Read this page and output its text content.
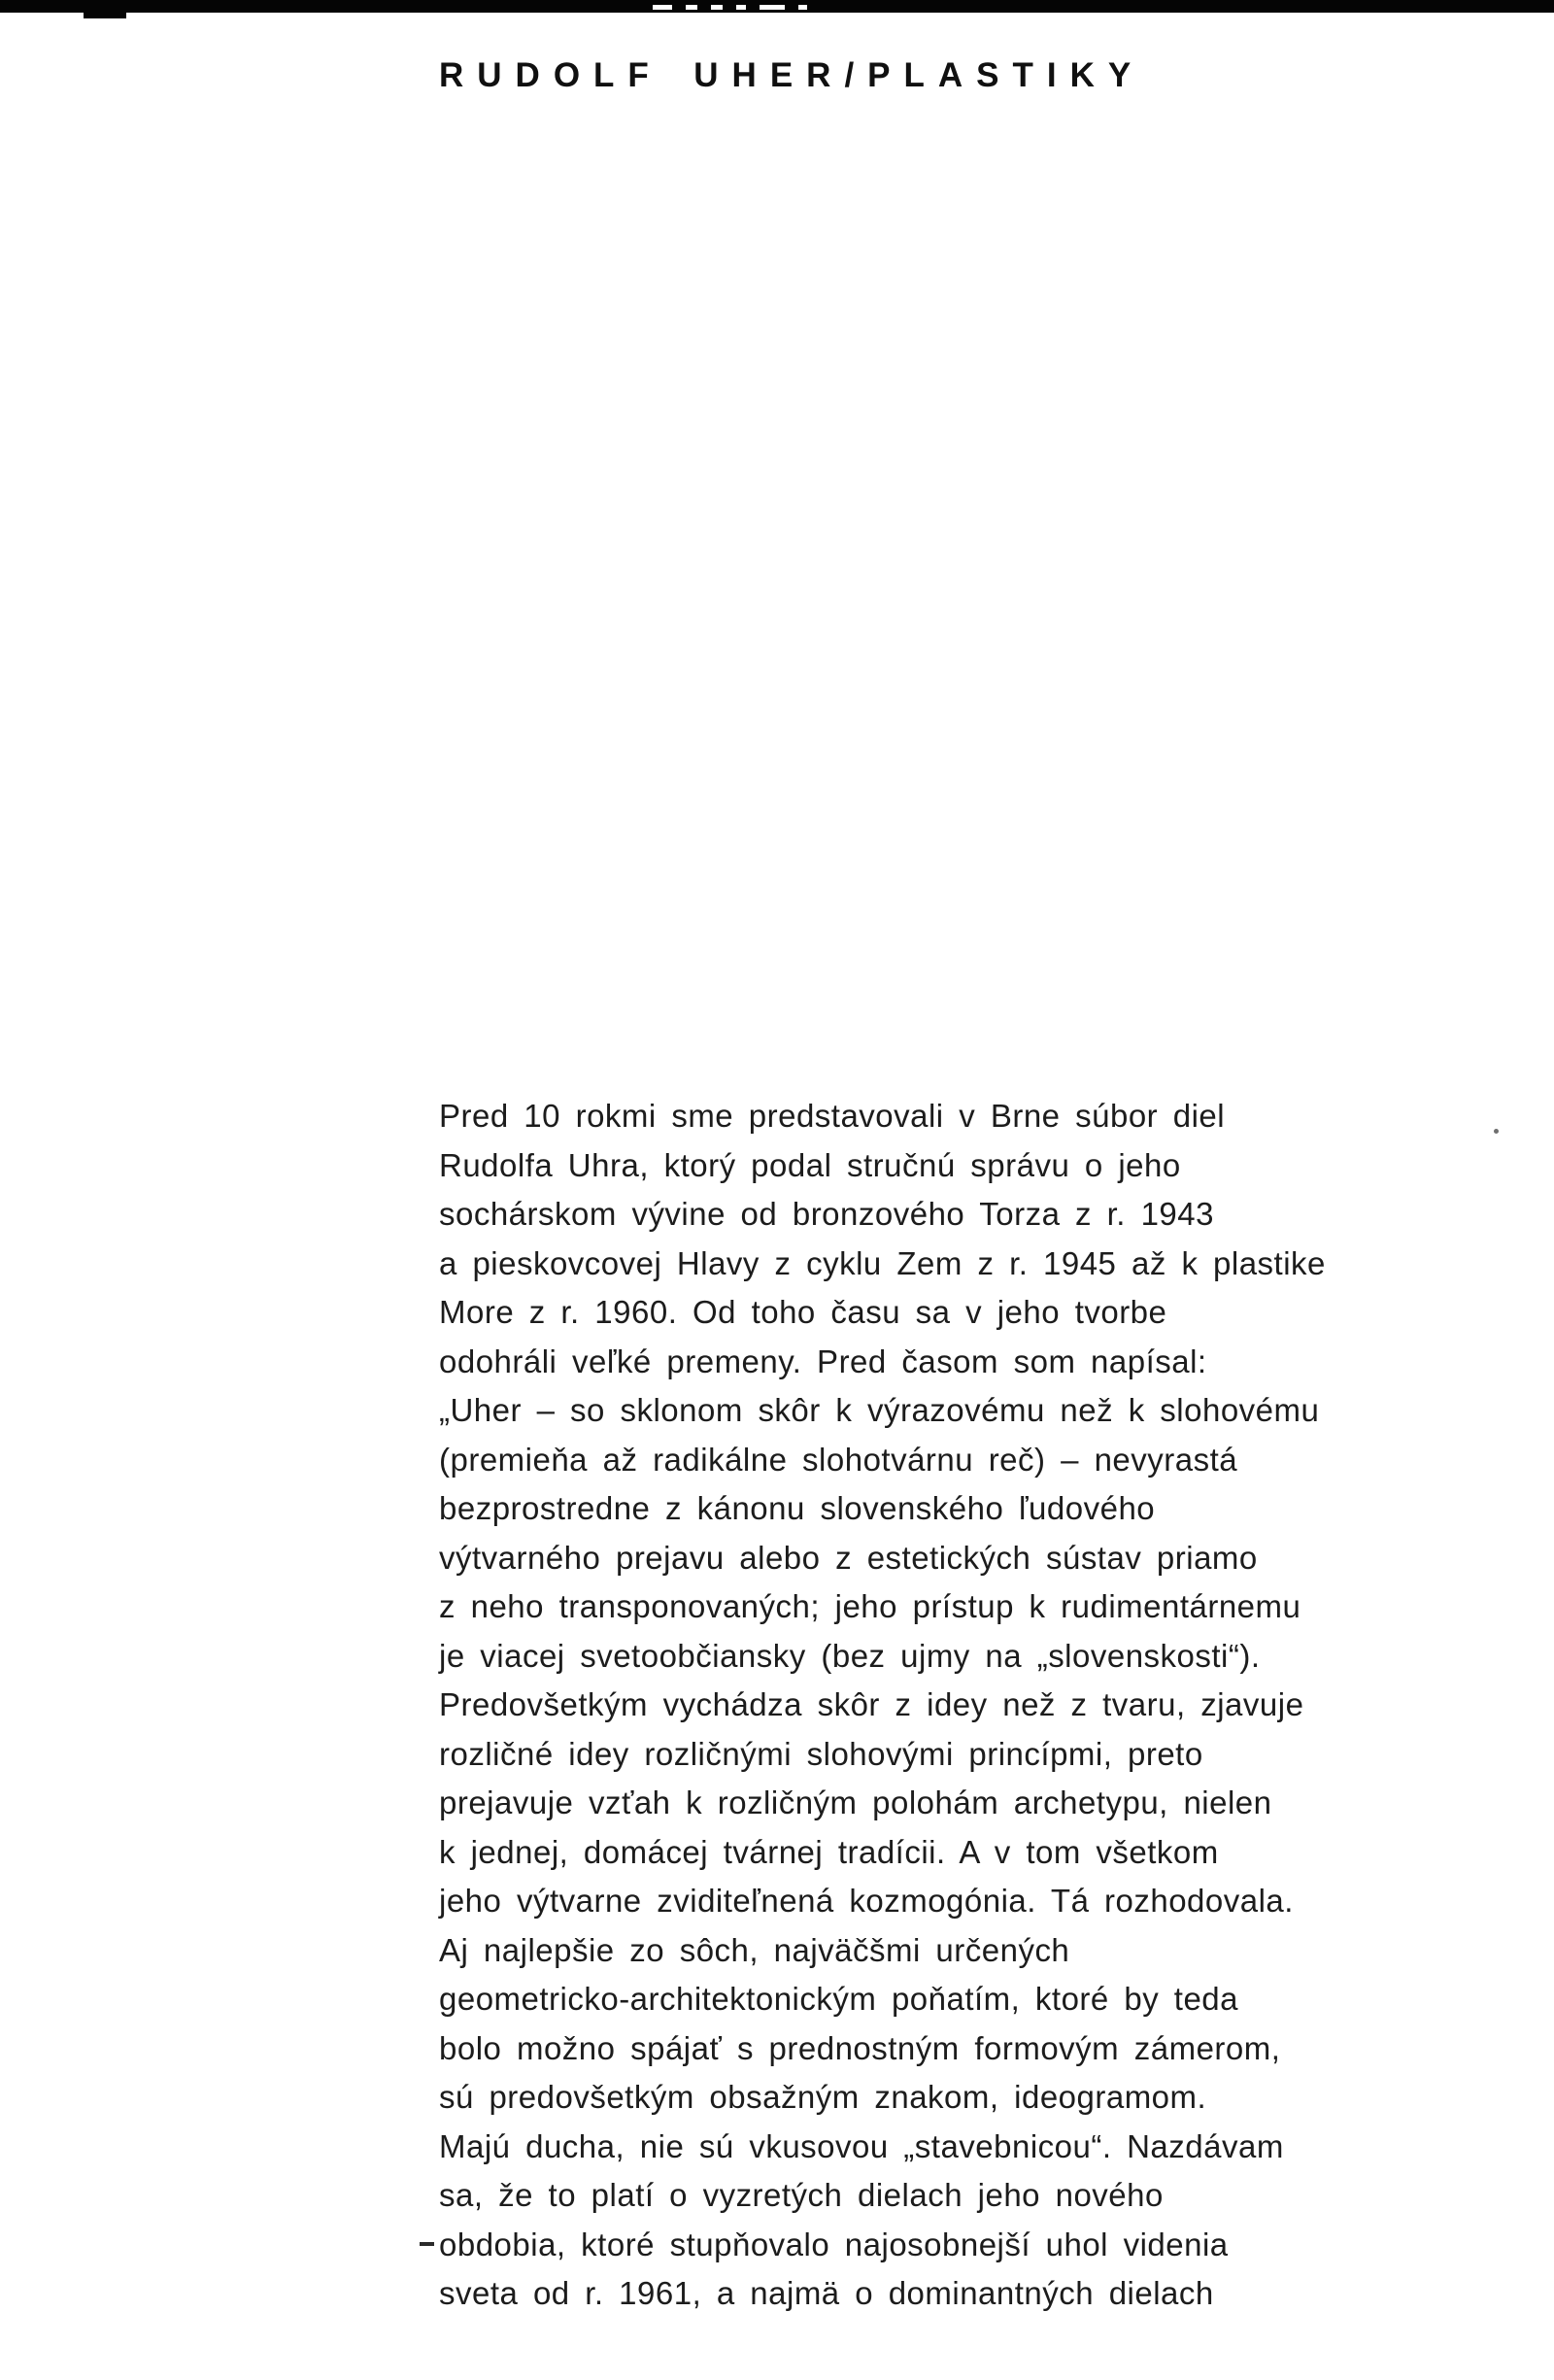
RUDOLF UHER/PLASTIKY
Pred 10 rokmi sme predstavovali v Brne súbor diel
Rudolfa Uhra, ktorý podal stručnú správu o jeho
sochárskom vývine od bronzového Torza z r. 1943
a pieskovcovej Hlavy z cyklu Zem z r. 1945 až k plastike
More z r. 1960. Od toho času sa v jeho tvorbe
odohráli veľké premeny. Pred časom som napísal:
„Uher – so sklonom skôr k výrazovému než k slohovému
(premieňa až radikálne slohotvárnu reč) – nevyrastá
bezprostredne z kánonu slovenského ľudového
výtvarného prejavu alebo z estetických sústav priamo
z neho transponovaných; jeho prístup k rudimentárnemu
je viacej svetoobčiansky (bez ujmy na „slovenskosti“).
Predovšetkým vychádza skôr z idey než z tvaru, zjavuje
rozličné idey rozličnými slohovými princípmi, preto
prejavuje vzťah k rozličným polohám archetypu, nielen
k jednej, domácej tvárnej tradícii. A v tom všetkom
jeho výtvarne zviditeľnená kozmogónia. Tá rozhodovala.
Aj najlepšie zo sôch, najväčšmi určených
geometricko-architektonickým poňatím, ktoré by teda
bolo možno spájať s prednostným formovým zámerom,
sú predovšetkým obsažným znakom, ideogramom.
Majú ducha, nie sú vkusovou „stavebnicou“. Nazdávam
sa, že to platí o vyzretých dielach jeho nového
obdobia, ktoré stupňovalo najosobnejší uhol videnia
sveta od r. 1961, a najmä o dominantných dielach
